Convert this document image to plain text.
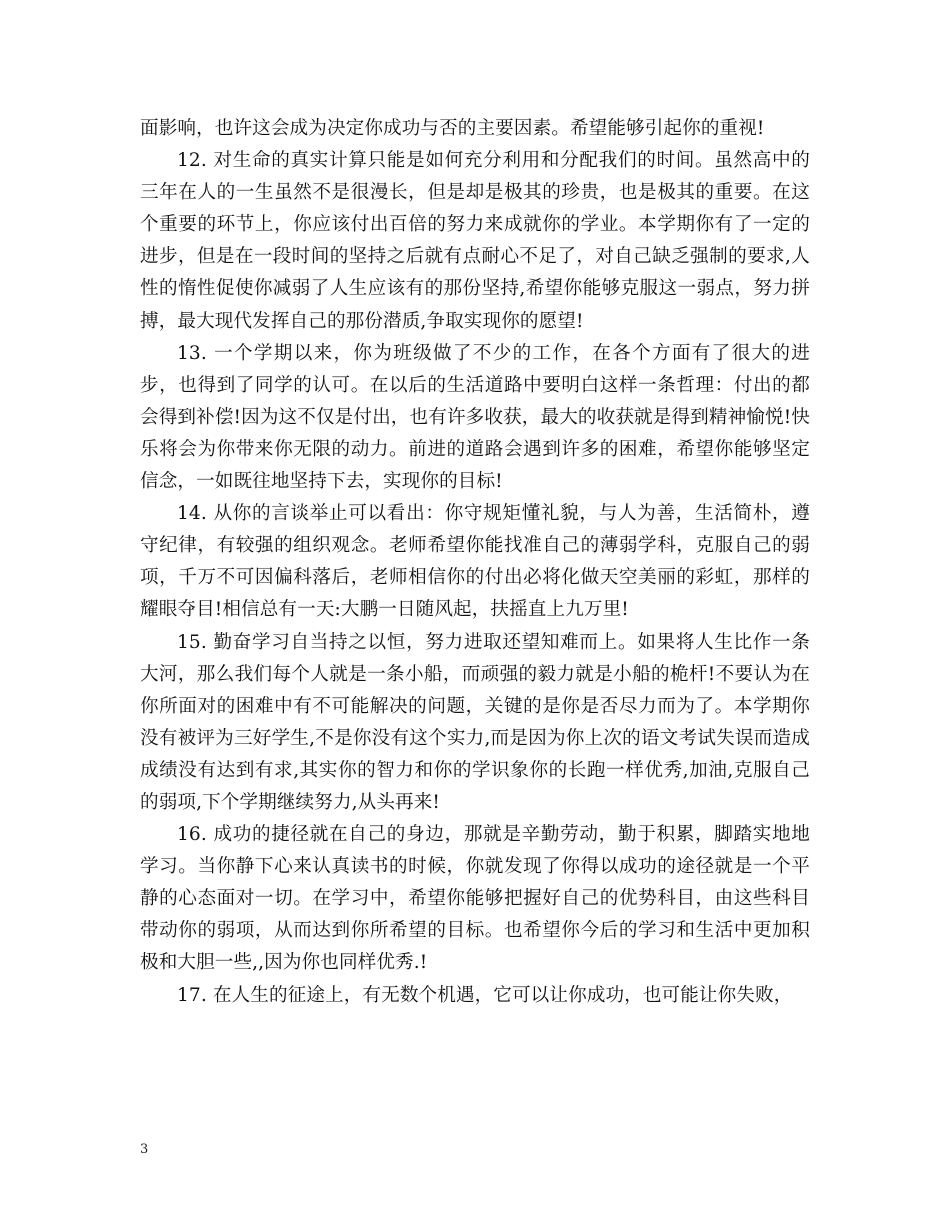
面影响，也许这会成为决定你成功与否的主要因素。希望能够引起你的重视!

12. 对生命的真实计算只能是如何充分利用和分配我们的时间。虽然高中的三年在人的一生虽然不是很漫长，但是却是极其的珍贵，也是极其的重要。在这个重要的环节上，你应该付出百倍的努力来成就你的学业。本学期你有了一定的进步，但是在一段时间的坚持之后就有点耐心不足了，对自己缺乏强制的要求,人性的惰性促使你减弱了人生应该有的那份坚持,希望你能够克服这一弱点，努力拼搏，最大现代发挥自己的那份潜质,争取实现你的愿望!

13. 一个学期以来，你为班级做了不少的工作，在各个方面有了很大的进步，也得到了同学的认可。在以后的生活道路中要明白这样一条哲理：付出的都会得到补偿!因为这不仅是付出，也有许多收获，最大的收获就是得到精神愉悦!快乐将会为你带来你无限的动力。前进的道路会遇到许多的困难，希望你能够坚定信念，一如既往地坚持下去，实现你的目标!

14. 从你的言谈举止可以看出：你守规矩懂礼貌，与人为善，生活简朴，遵守纪律，有较强的组织观念。老师希望你能找准自己的薄弱学科，克服自己的弱项，千万不可因偏科落后，老师相信你的付出必将化做天空美丽的彩虹，那样的耀眼夺目!相信总有一天:大鹏一日随风起，扶摇直上九万里!

15. 勤奋学习自当持之以恒，努力进取还望知难而上。如果将人生比作一条大河，那么我们每个人就是一条小船，而顽强的毅力就是小船的桅杆!不要认为在你所面对的困难中有不可能解决的问题，关键的是你是否尽力而为了。本学期你没有被评为三好学生,不是你没有这个实力,而是因为你上次的语文考试失误而造成成绩没有达到有求,其实你的智力和你的学识象你的长跑一样优秀,加油,克服自己的弱项,下个学期继续努力,从头再来!

16. 成功的捷径就在自己的身边，那就是辛勤劳动，勤于积累，脚踏实地地学习。当你静下心来认真读书的时候，你就发现了你得以成功的途径就是一个平静的心态面对一切。在学习中，希望你能够把握好自己的优势科目，由这些科目带动你的弱项，从而达到你所希望的目标。也希望你今后的学习和生活中更加积极和大胆一些,,因为你也同样优秀.!

17. 在人生的征途上，有无数个机遇，它可以让你成功，也可能让你失败，

3
